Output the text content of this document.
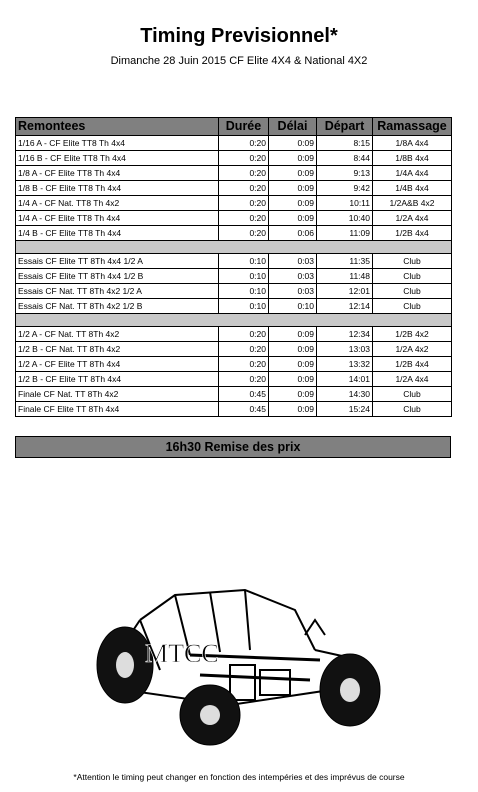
Timing Previsionnel*
Dimanche 28 Juin 2015 CF Elite 4X4 & National 4X2
Remontees	Durée	Délai	Départ	Ramassage
1/16 A - CF Elite TT8 Th 4x4	0:20	0:09	8:15	1/8A 4x4
1/16 B - CF Elite TT8 Th 4x4	0:20	0:09	8:44	1/8B 4x4
1/8 A - CF Elite TT8 Th 4x4	0:20	0:09	9:13	1/4A 4x4
1/8 B - CF Elite TT8 Th 4x4	0:20	0:09	9:42	1/4B 4x4
1/4 A - CF Nat. TT8 Th 4x2	0:20	0:09	10:11	1/2A&B 4x2
1/4 A - CF Elite TT8 Th 4x4	0:20	0:09	10:40	1/2A 4x4
1/4 B - CF Elite TT8 Th 4x4	0:20	0:06	11:09	1/2B 4x4

Essais CF Elite TT 8Th 4x4 1/2 A	0:10	0:03	11:35	Club
Essais CF Elite TT 8Th 4x4 1/2 B	0:10	0:03	11:48	Club
Essais CF Nat. TT 8Th 4x2 1/2 A	0:10	0:03	12:01	Club
Essais CF Nat. TT 8Th 4x2 1/2 B	0:10	0:10	12:14	Club

1/2 A - CF Nat. TT 8Th 4x2	0:20	0:09	12:34	1/2B 4x2
1/2 B - CF Nat. TT 8Th 4x2	0:20	0:09	13:03	1/2A 4x2
1/2 A - CF Elite TT 8Th 4x4	0:20	0:09	13:32	1/2B 4x4
1/2 B - CF Elite TT 8Th 4x4	0:20	0:09	14:01	1/2A 4x4
Finale CF Nat. TT 8Th 4x2	0:45	0:09	14:30	Club
Finale CF Elite TT 8Th 4x4	0:45	0:09	15:24	Club
16h30 Remise des prix
MTCC
*Attention le timing peut changer en fonction des intempéries et des imprévus de course
